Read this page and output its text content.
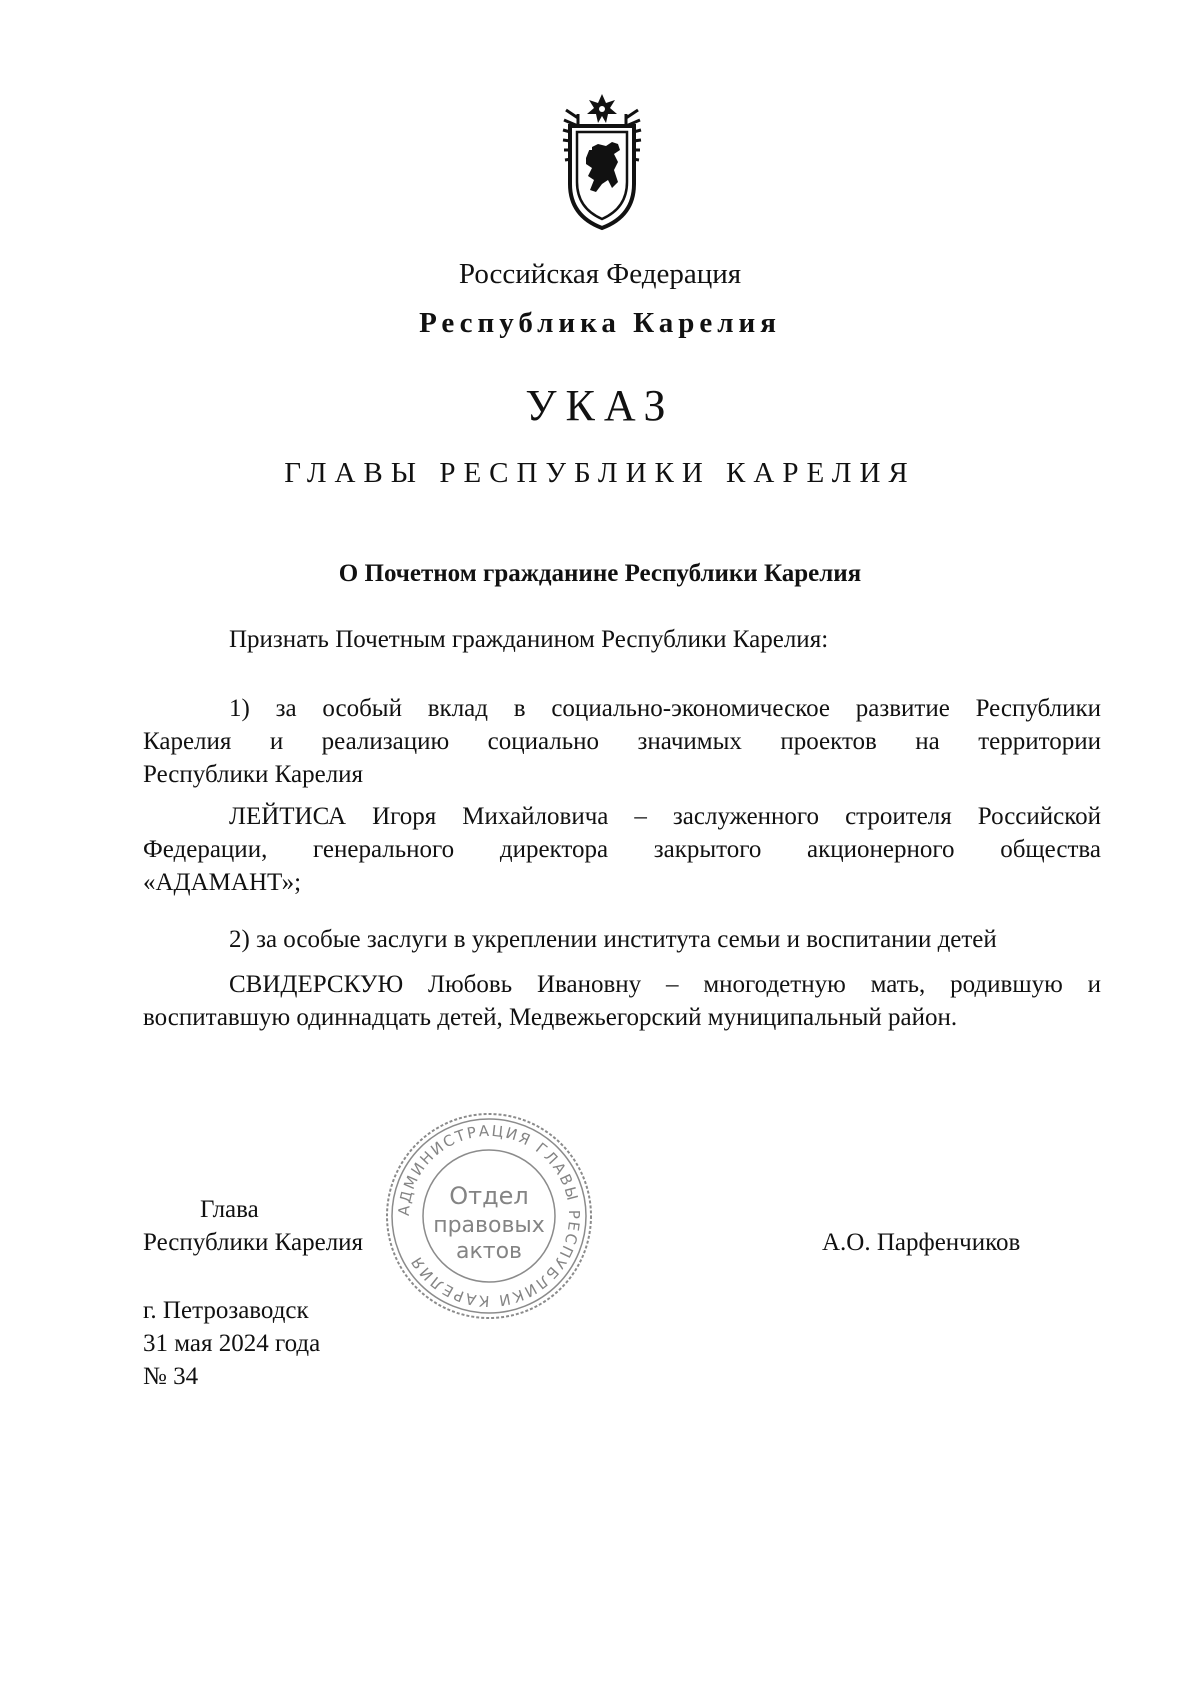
Российская Федерация
Республика Карелия
УКАЗ
ГЛАВЫ РЕСПУБЛИКИ КАРЕЛИЯ
О Почетном гражданине Республики Карелия
Признать Почетным гражданином Республики Карелия:
1) за особый вклад в социально-экономическое развитие Республики
Карелия и реализацию социально значимых проектов на территории
Республики Карелия
ЛЕЙТИСА Игоря Михайловича – заслуженного строителя Российской
Федерации, генерального директора закрытого акционерного общества
«АДАМАНТ»;
2) за особые заслуги в укреплении института семьи и воспитании детей
СВИДЕРСКУЮ Любовь Ивановну – многодетную мать, родившую и
воспитавшую одиннадцать детей, Медвежьегорский муниципальный район.
Глава
Республики Карелия	А.О. Парфенчиков
АДМИНИСТРАЦИЯ ГЛАВЫ РЕСПУБЛИКИ КАРЕЛИЯ
Отдел
правовых
актов
г. Петрозаводск
31 мая 2024 года
№ 34
